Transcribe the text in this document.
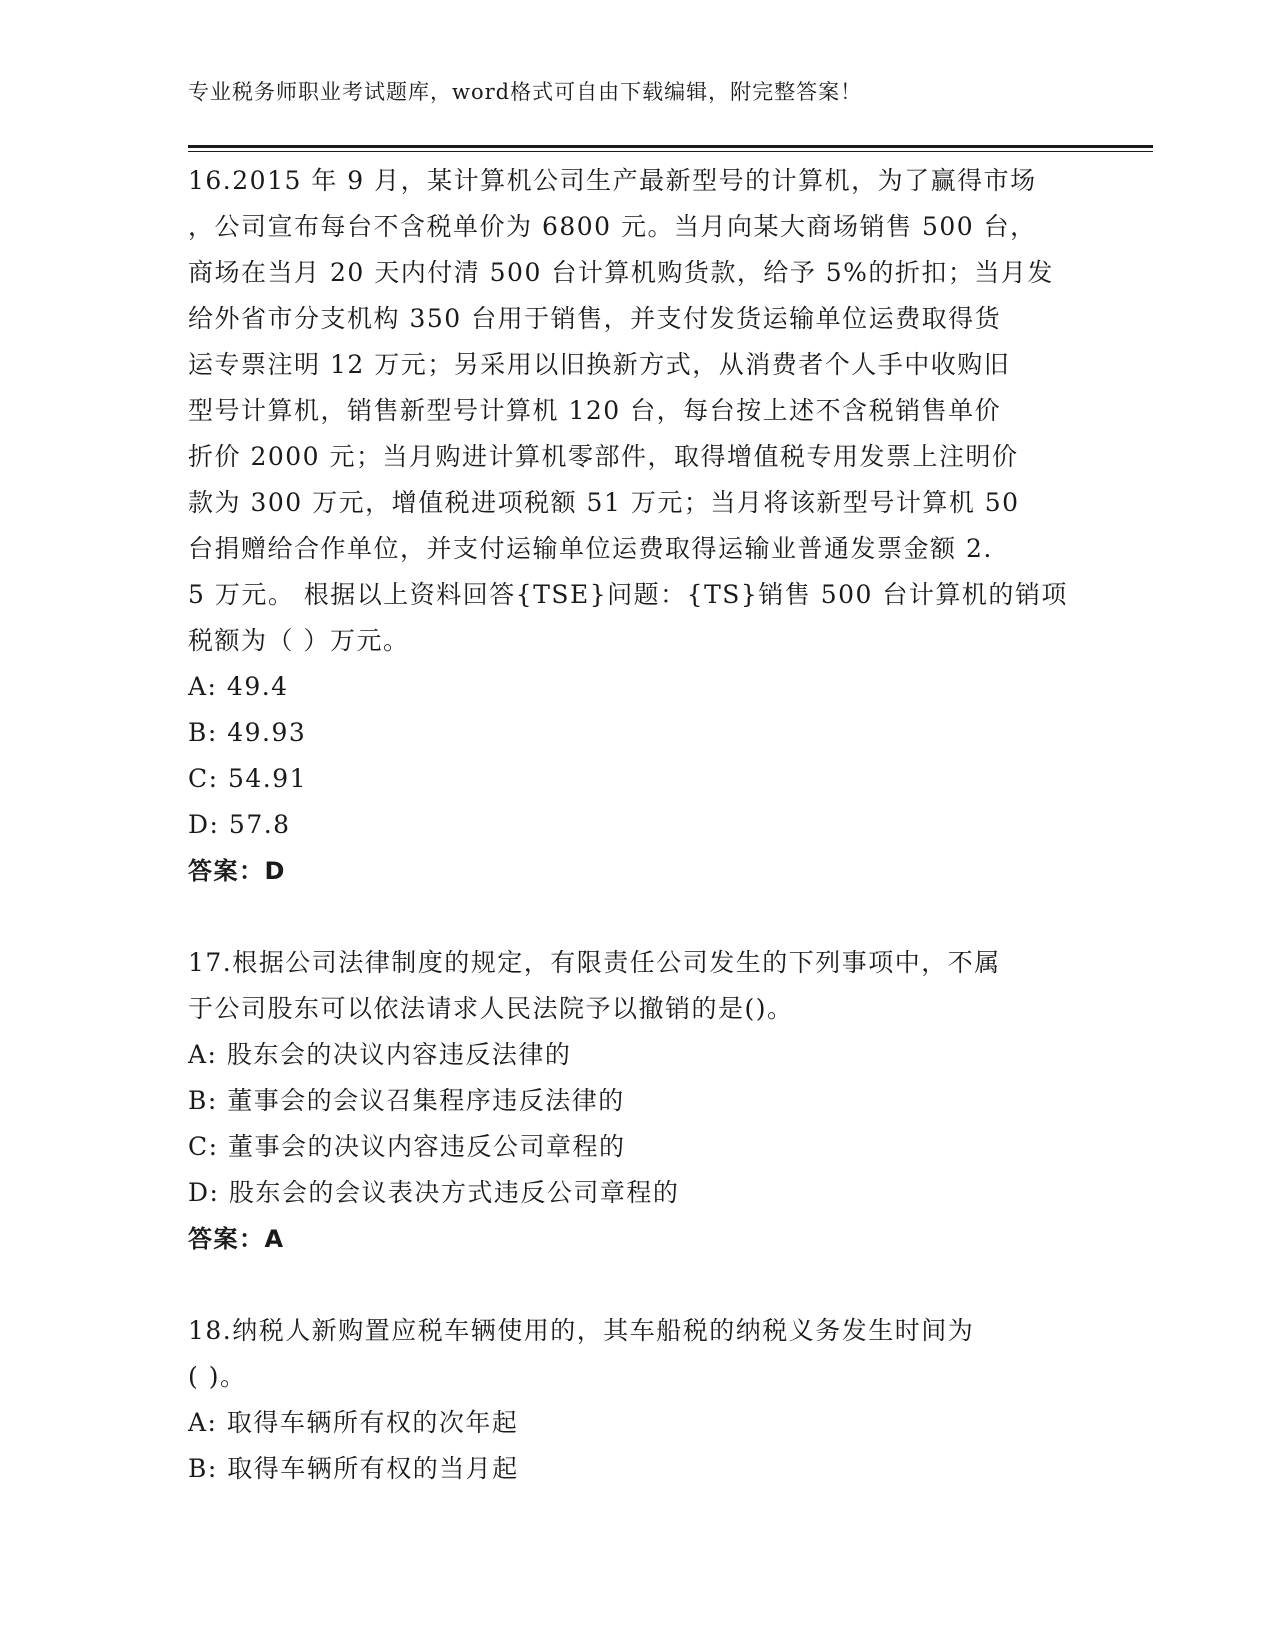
专业税务师职业考试题库，word格式可自由下载编辑，附完整答案！
16.2015 年 9 月，某计算机公司生产最新型号的计算机，为了赢得市场
，公司宣布每台不含税单价为 6800 元。当月向某大商场销售 500 台，
商场在当月 20 天内付清 500 台计算机购货款，给予 5%的折扣；当月发
给外省市分支机构 350 台用于销售，并支付发货运输单位运费取得货
运专票注明 12 万元；另采用以旧换新方式，从消费者个人手中收购旧
型号计算机，销售新型号计算机 120 台，每台按上述不含税销售单价
折价 2000 元；当月购进计算机零部件，取得增值税专用发票上注明价
款为 300 万元，增值税进项税额 51 万元；当月将该新型号计算机 50
台捐赠给合作单位，并支付运输单位运费取得运输业普通发票金额 2.
5 万元。 根据以上资料回答{TSE}问题：{TS}销售 500 台计算机的销项
税额为（ ）万元。
A: 49.4
B: 49.93
C: 54.91
D: 57.8
答案：D
17.根据公司法律制度的规定，有限责任公司发生的下列事项中，不属
于公司股东可以依法请求人民法院予以撤销的是()。
A: 股东会的决议内容违反法律的
B: 董事会的会议召集程序违反法律的
C: 董事会的决议内容违反公司章程的
D: 股东会的会议表决方式违反公司章程的
答案：A
18.纳税人新购置应税车辆使用的，其车船税的纳税义务发生时间为
( )。
A: 取得车辆所有权的次年起
B: 取得车辆所有权的当月起
